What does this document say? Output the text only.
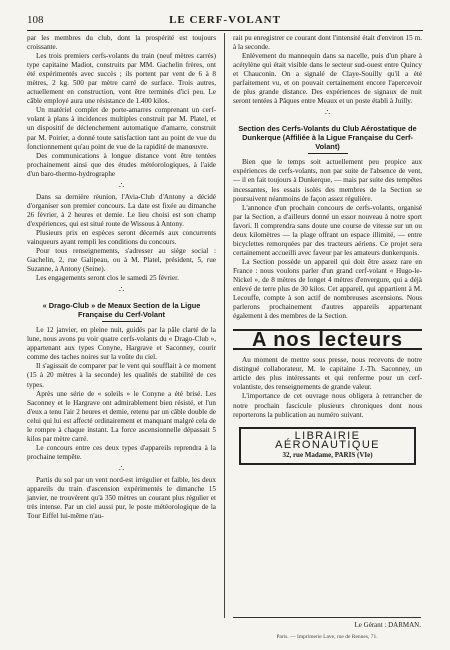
108	LE CERF-VOLANT

par les membres du club, dont la prospérité est toujours croissante.

Les trois premiers cerfs-volants du train (neuf mètres carrés) type capitaine Madiot, construits par MM. Gachelin frères, ont été expérimentés avec succès ; ils portent par vent de 6 à 8 mètres, 2 kg. 500 par mètre carré de surface. Trois autres, actuellement en construction, vont être terminés d'ici peu. Le câble employé aura une résistance de 1.400 kilos.

Un matériel complet de porte-amarres comprenant un cerf-volant à plans à incidences multiples construit par M. Platel, et un dispositif de déclenchement automatique d'amarre, construit par M. Poirier, a donné toute satisfaction tant au point de vue du fonctionnement qu'au point de vue de la rapidité de manœuvre.

Des communications à longue distance vont être tentées prochainement ainsi que des études météorologiques, à l'aide d'un baro-thermo-hydrographe

∴

Dans sa dernière réunion, l'Avia-Club d'Antony a décidé d'organiser son premier concours. La date est fixée au dimanche 26 février, à 2 heures et demie. Le lieu choisi est son champ d'expériences, qui est situé route de Wissous à Antony.

Plusieurs prix en espèces seront décernés aux concurrents vainqueurs ayant rempli les conditions du concours.

Pour tous renseignements, s'adresser au siège social : Gachelin, 2, rue Galipeau, ou à M. Platel, président, 5, rue Suzanne, à Antony (Seine).

Les engagements seront clos le samedi 25 février.

∴
« Drago-Club » de Meaux Section de la Ligue Française du Cerf-Volant

Le 12 janvier, en pleine nuit, guidés par la pâle clarté de la lune, nous avons pu voir quatre cerfs-volants du « Drago-Club », appartenant aux types Conyne, Hargrave et Saconney, courir comme des taches noires sur la voûte du ciel.

Il s'agissait de comparer par le vent qui soufflait à ce moment (15 à 20 mètres à la seconde) les qualités de stabilité de ces types.

Après une série de « soleils » le Conyne a été brisé. Les Saconney et le Hargrave ont admirablement bien résisté, et l'un d'eux a tenu l'air 2 heures et demie, retenu par un câble double de celui qui lui est affecté ordinairement et manquant malgré cela de le rompre à chaque instant. La force ascensionnelle dépassait 5 kilos par mètre carré.

Le concours entre ces deux types d'appareils reprendra à la prochaine tempête.

∴

Partis du sol par un vent nord-est irrégulier et faible, les deux appareils du train d'ascension expérimentés le dimanche 15 janvier, ne trouvèrent qu'à 350 mètres un courant plus régulier et très intense. Par un ciel aussi pur, le poste météorologique de la Tour Eiffel lui-même n'au-

rait pu enregistrer ce courant dont l'intensité était d'environ 15 m. à la seconde.

Enlèvement du mannequin dans sa nacelle, puis d'un phare à acétylène qui était visible dans le secteur sud-ouest entre Quincy et Chauconin. On a signalé de Claye-Souilly qu'il a été parfaitement vu, et on pouvait certainement encore l'apercevoir de plus grande distance. Des expériences de signaux de nuit seront tentées à Pâques entre Meaux et un poste établi à Juilly.

∴
Section des Cerfs-Volants du Club Aérostatique de Dunkerque (Affiliée à la Ligue Française du Cerf-Volant)

Bien que le temps soit actuellement peu propice aux expériences de cerfs-volants, non par suite de l'absence de vent, — il en fait toujours à Dunkerque, — mais par suite des tempêtes incessantes, les essais isolés des membres de la Section se poursuivent néanmoins de façon assez régulière.

L'annonce d'un prochain concours de cerfs-volants, organisé par la Section, a d'ailleurs donné un essor nouveau à notre sport favori. Il comprendra sans doute une course de vitesse sur un ou deux kilomètres — la plage offrant un espace illimité, — entre bicyclettes remorquées par des tracteurs aériens. Ce projet sera certainement accueilli avec faveur par les amateurs dunkerquois.

La Section possède un appareil qui doit être assez rare en France : nous voulons parler d'un grand cerf-volant « Hugo-le-Nickel », de 8 mètres de longet 4 mètres d'envergure, qui a déjà enlevé de terre plus de 30 kilos. Cet appareil, qui appartient à M. Lecouffe, compte à son actif de nombreuses ascensions. Nous parlerons prochainement d'autres appareils appartenant également à des membres de la Section.

A nos lecteurs

Au moment de mettre sous presse, nous recevons de notre distingué collaborateur, M. le capitaine J.-Th. Saconney, un article des plus intéressants et qui renferme pour un cerf-volantiste, des renseignements de grande valeur.

L'importance de cet ouvrage nous obligera à retrancher de notre prochain fascicule plusieurs chroniques dont nous reporterons la publication au numéro suivant.

LIBRAIRIE AÉRONAUTIQUE
32, rue Madame, PARIS (VIe)
Le Gérant : DARMAN.
Paris. — Imprimerie Lave, rue de Rennes, 71.
